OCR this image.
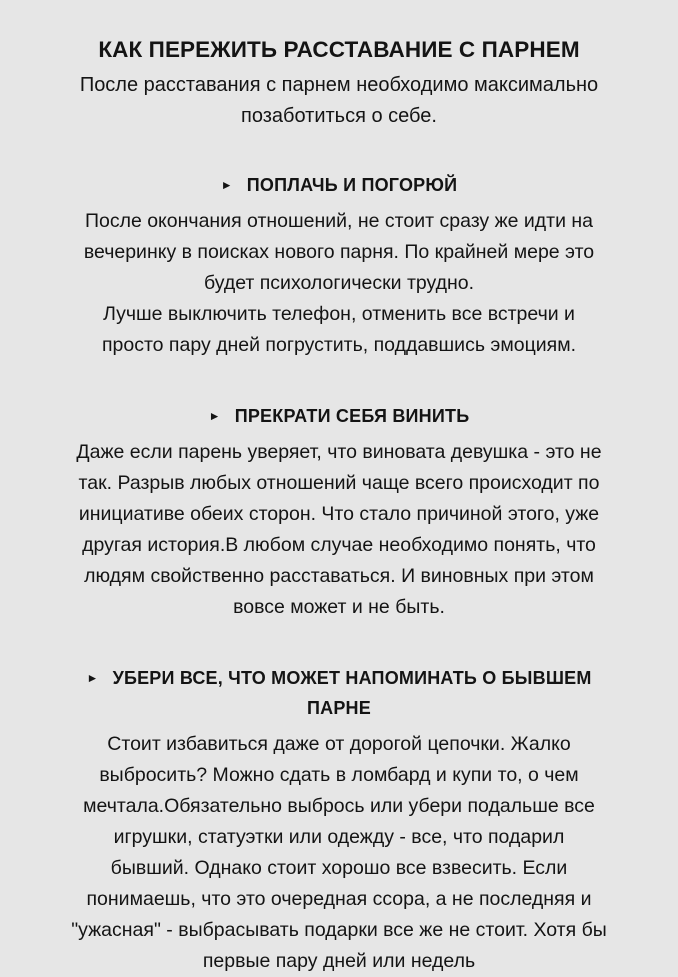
КАК ПЕРЕЖИТЬ РАССТАВАНИЕ С ПАРНЕМ

После расставания с парнем необходимо максимально
позаботиться о себе.

► ПОПЛАЧЬ И ПОГОРЮЙ

После окончания отношений, не стоит сразу же идти на
вечеринку в поисках нового парня. По крайней мере это
будет психологически трудно.
Лучше выключить телефон, отменить все встречи и
просто пару дней погрустить, поддавшись эмоциям.

► ПРЕКРАТИ СЕБЯ ВИНИТЬ

Даже если парень уверяет, что виновата девушка - это не
так. Разрыв любых отношений чаще всего происходит по
инициативе обеих сторон. Что стало причиной этого, уже
другая история.В любом случае необходимо понять, что
людям свойственно расставаться. И виновных при этом
вовсе может и не быть.

► УБЕРИ ВСЕ, ЧТО МОЖЕТ НАПОМИНАТЬ О БЫВШЕМ
ПАРНЕ

Стоит избавиться даже от дорогой цепочки. Жалко
выбросить? Можно сдать в ломбард и купи то, о чем
мечтала.Обязательно выбрось или убери подальше все
игрушки, статуэтки или одежду - все, что подарил
бывший. Однако стоит хорошо все взвесить. Если
понимаешь, что это очередная ссора, а не последняя и
"ужасная" - выбрасывать подарки все же не стоит. Хотя бы
первые пару дней или недель
